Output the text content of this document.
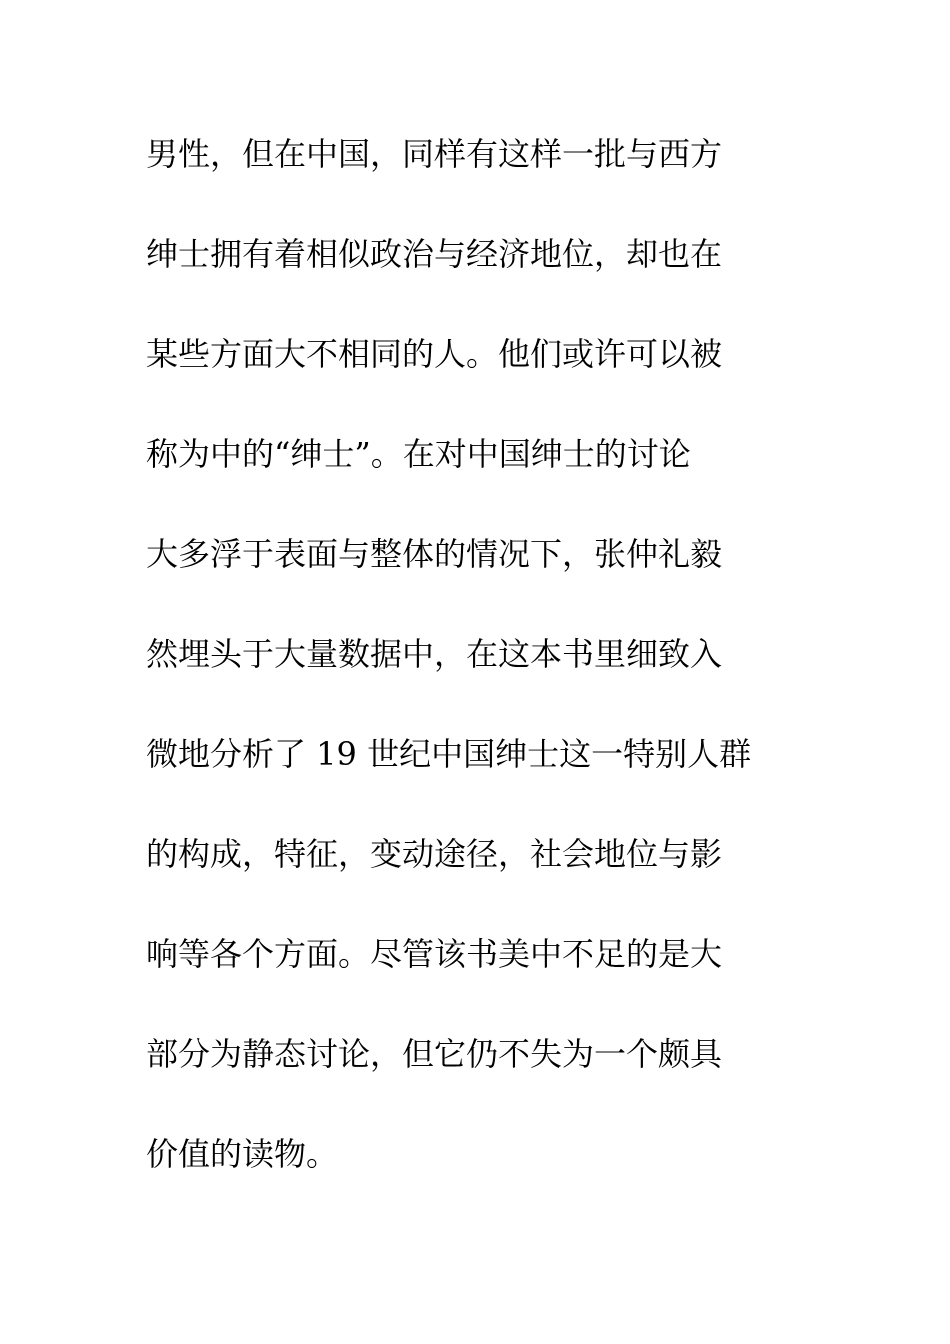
男性，但在中国，同样有这样一批与西方
绅士拥有着相似政治与经济地位，却也在
某些方面大不相同的人。他们或许可以被
称为中的“绅士”。在对中国绅士的讨论
大多浮于表面与整体的情况下，张仲礼毅
然埋头于大量数据中，在这本书里细致入
微地分析了 19 世纪中国绅士这一特别人群
的构成，特征，变动途径，社会地位与影
响等各个方面。尽管该书美中不足的是大
部分为静态讨论，但它仍不失为一个颇具
价值的读物。
